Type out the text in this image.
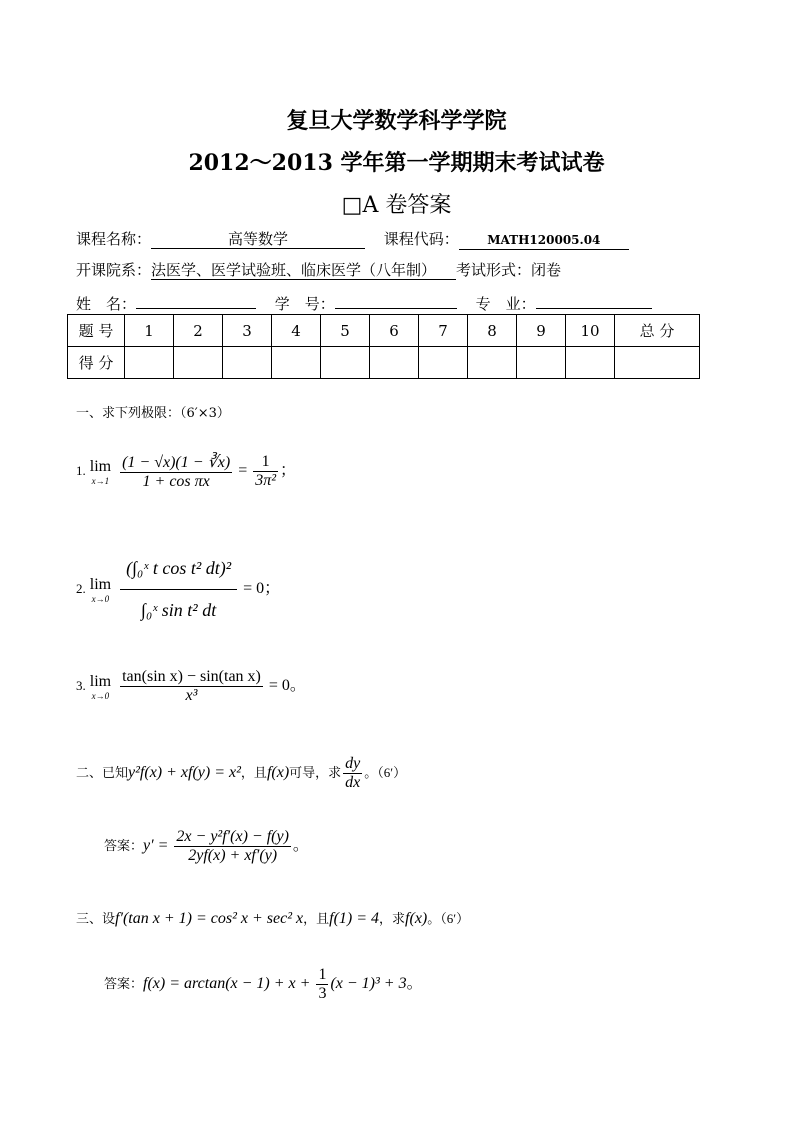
复旦大学数学科学学院
2012～2013 学年第一学期期末考试试卷
□A 卷答案
课程名称：	高等数学	课程代码： MATH120005.04
开课院系：法医学、医学试验班、临床医学（八年制） 考试形式：闭卷
姓　名：	学　号：	专　业：
题 号	1	2	3	4	5	6	7	8	9	10	总 分
得 分											
一、求下列极限：（6′×3）
1. lim
x→1
$\frac{(1 - √x)(1 - ∛x)}{\text{1 + cos πx}} = \frac{1}{\text{3π²}}$ ；
2. lim
x→0
$\frac{\text{(∫₀ˣ t cos t² dt)²}}{\text{∫₀ˣ sin t² dt}} = 0$；
3. lim
x→0
$\frac{\text{tan(sin x) − sin(tan x)}}{\text{x³}} = 0$。
二、已知y²f(x) + xf(y) = x²，且f(x)可导，求 $\frac{dy}{dx}$ 。（6′）
答案：$y' = \frac{\text{2x − y²f′(x) − f(y)}}{2yf(x) + xf'(y)}$ 。
三、设f′(tan x + 1) = cos² x + sec² x，且f(1) = 4，求f(x)。（6′）
答案：$f(x) = \arctan(x - 1) + x + \frac{1}{3} (x - 1)^3 + 3$。
